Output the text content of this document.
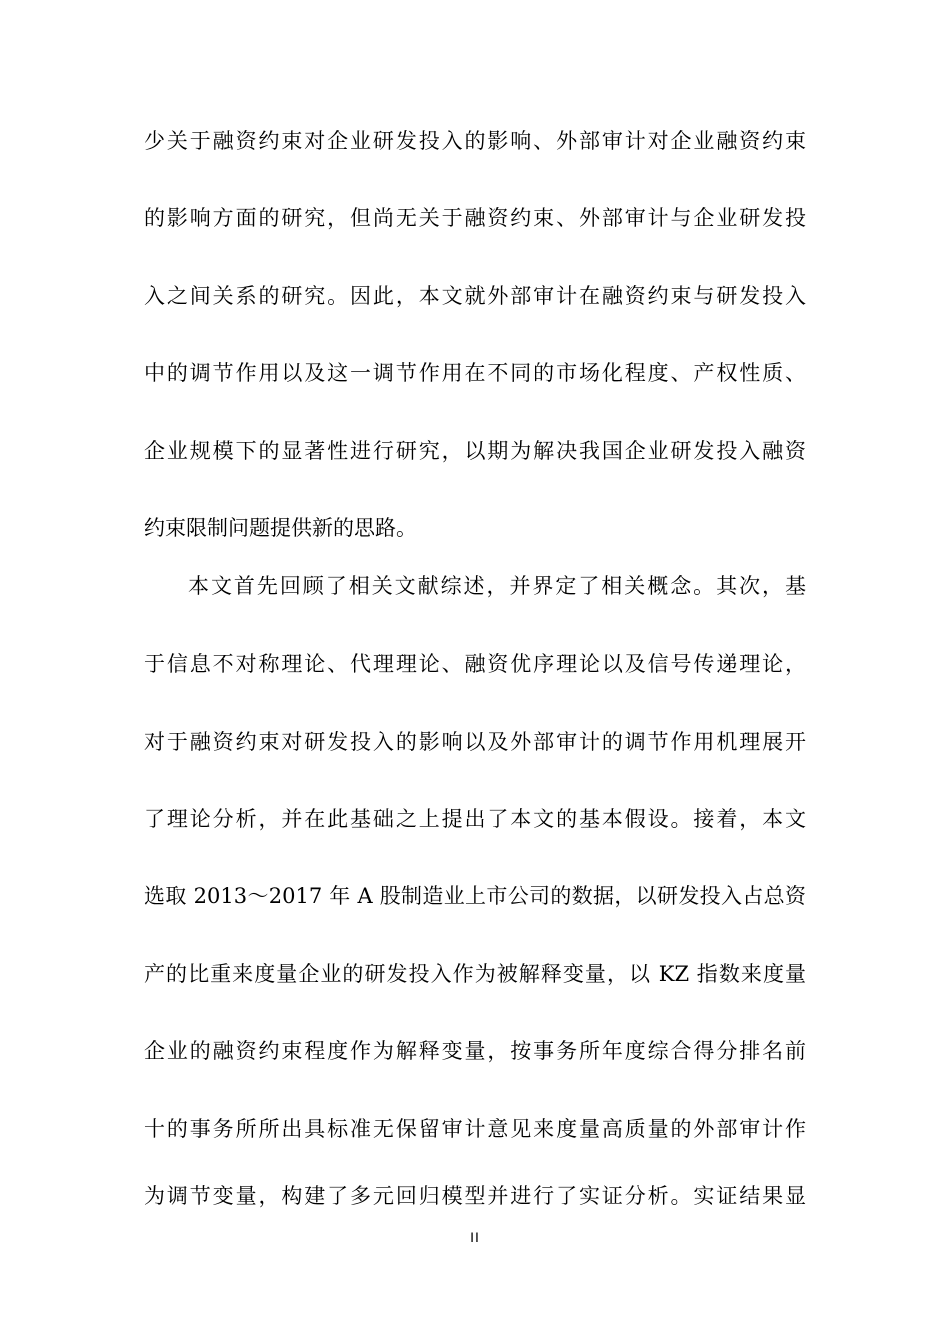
少关于融资约束对企业研发投入的影响、外部审计对企业融资约束
的影响方面的研究，但尚无关于融资约束、外部审计与企业研发投
入之间关系的研究。因此，本文就外部审计在融资约束与研发投入
中的调节作用以及这一调节作用在不同的市场化程度、产权性质、
企业规模下的显著性进行研究，以期为解决我国企业研发投入融资
约束限制问题提供新的思路。
本文首先回顾了相关文献综述，并界定了相关概念。其次，基
于信息不对称理论、代理理论、融资优序理论以及信号传递理论，
对于融资约束对研发投入的影响以及外部审计的调节作用机理展开
了理论分析，并在此基础之上提出了本文的基本假设。接着，本文
选取 2013～2017 年 A 股制造业上市公司的数据，以研发投入占总资
产的比重来度量企业的研发投入作为被解释变量，以 KZ 指数来度量
企业的融资约束程度作为解释变量，按事务所年度综合得分排名前
十的事务所所出具标准无保留审计意见来度量高质量的外部审计作
为调节变量，构建了多元回归模型并进行了实证分析。实证结果显
II
